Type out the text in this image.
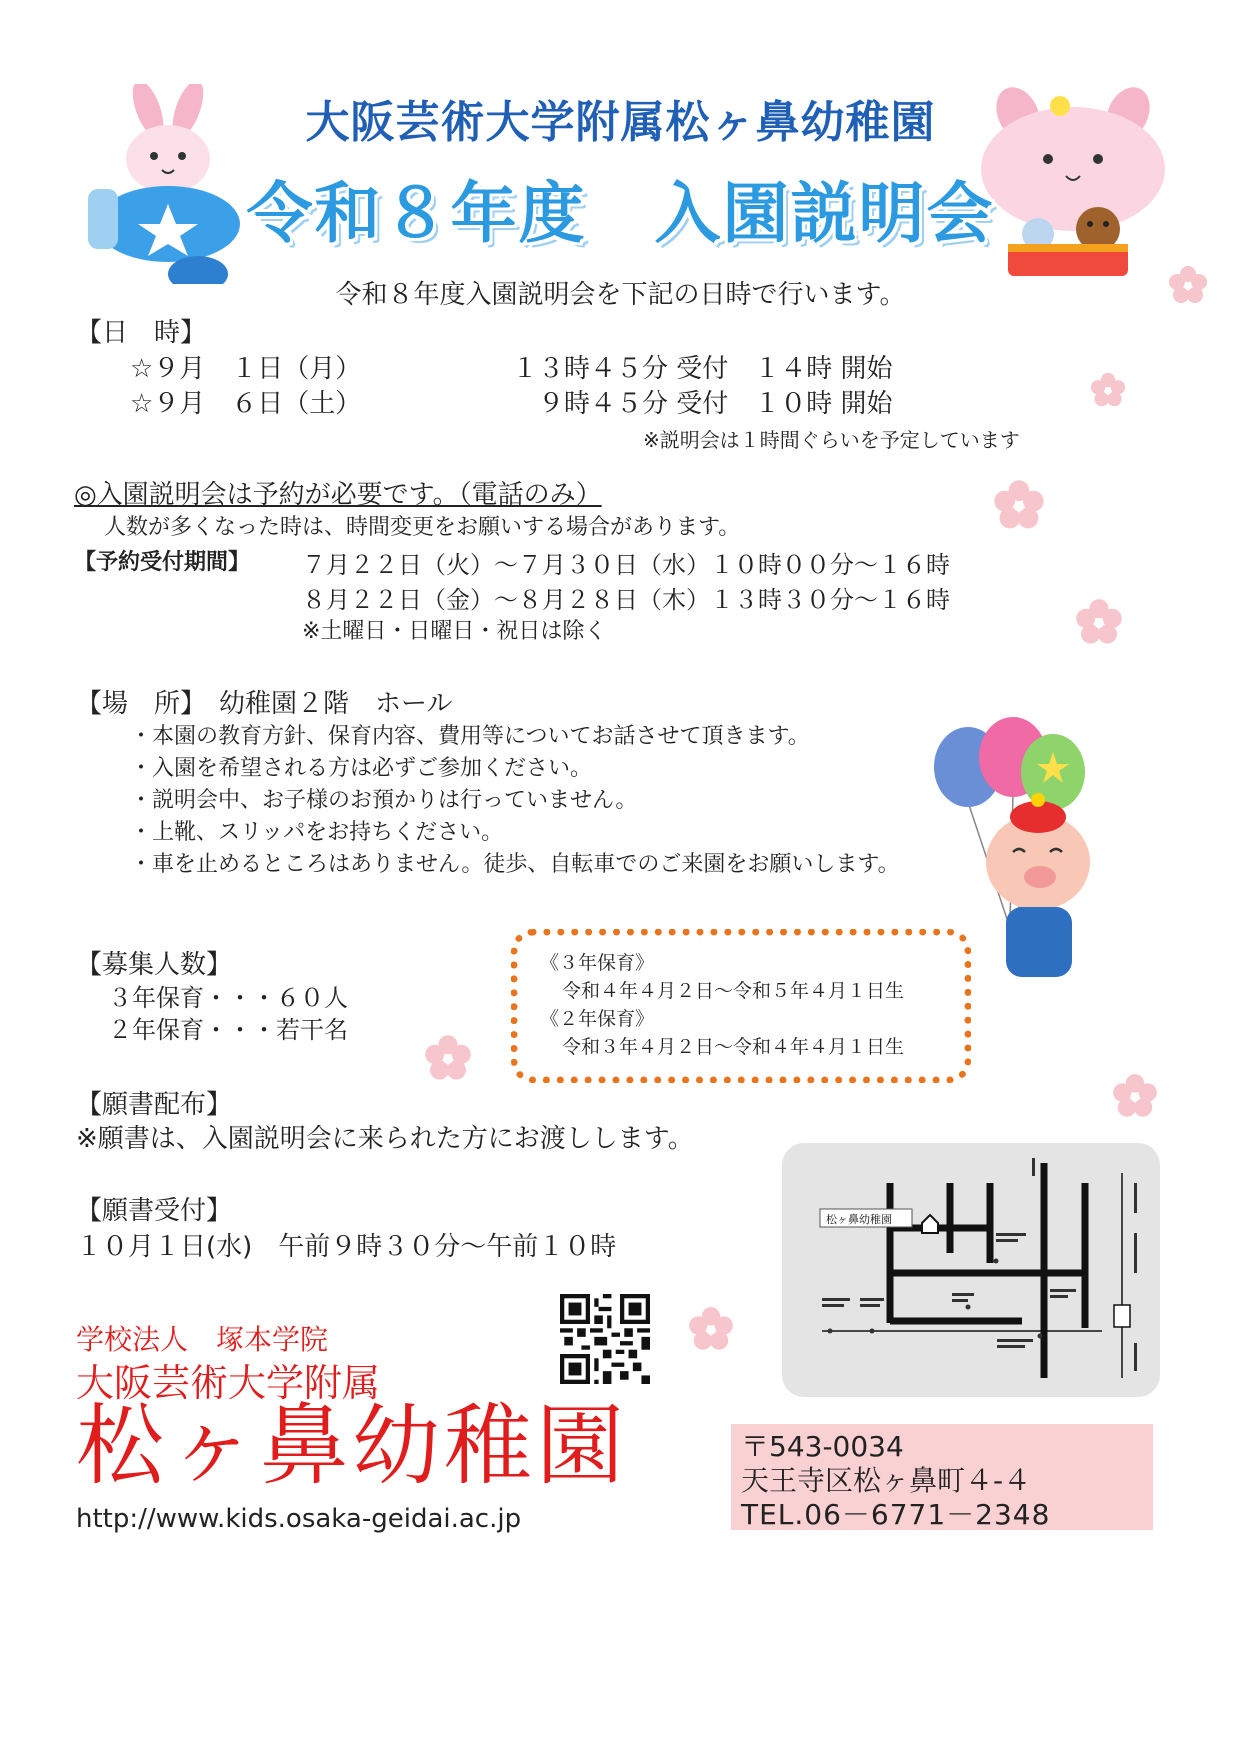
大阪芸術大学附属松ヶ鼻幼稚園
令和８年度　入園説明会
令和８年度入園説明会を下記の日時で行います。
【日　時】
☆９月　１日（月）	１３時４５分 受付　１４時 開始
☆９月　６日（土）	　９時４５分 受付　１０時 開始
※説明会は１時間ぐらいを予定しています
◎入園説明会は予約が必要です。（電話のみ）
人数が多くなった時は、時間変更をお願いする場合があります。
【予約受付期間】 ７月２２日（火）～７月３０日（水）１０時００分～１６時
８月２２日（金）～８月２８日（木）１３時３０分～１６時
※土曜日・日曜日・祝日は除く
【場　所】　幼稚園２階　ホール
・本園の教育方針、保育内容、費用等についてお話させて頂きます。
・入園を希望される方は必ずご参加ください。
・説明会中、お子様のお預かりは行っていません。
・上靴、スリッパをお持ちください。
・車を止めるところはありません。徒歩、自転車でのご来園をお願いします。
【募集人数】
３年保育・・・６０人
２年保育・・・若干名
《３年保育》
令和４年４月２日～令和５年４月１日生
《２年保育》
令和３年４月２日～令和４年４月１日生
【願書配布】
※願書は、入園説明会に来られた方にお渡しします。
【願書受付】
１０月１日(水)　午前９時３０分～午前１０時
学校法人　塚本学院
大阪芸術大学附属
松ヶ鼻幼稚園
http://www.kids.osaka-geidai.ac.jp
松ヶ鼻幼稚園
〒543-0034
天王寺区松ヶ鼻町４-４
TEL.06－6771－2348
